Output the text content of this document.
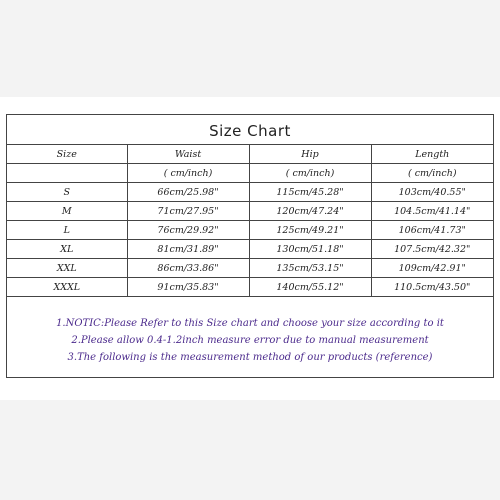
Size Chart
Size	Waist	Hip	Length
	( cm/inch)	( cm/inch)	( cm/inch)
S	66cm/25.98"	115cm/45.28"	103cm/40.55"
M	71cm/27.95"	120cm/47.24"	104.5cm/41.14"
L	76cm/29.92"	125cm/49.21"	106cm/41.73"
XL	81cm/31.89"	130cm/51.18"	107.5cm/42.32"
XXL	86cm/33.86"	135cm/53.15"	109cm/42.91"
XXXL	91cm/35.83"	140cm/55.12"	110.5cm/43.50"
1.NOTIC:Please Refer to this Size chart and choose your size according to it
2.Please allow 0.4-1.2inch measure error due to manual measurement
3.The following is the measurement method of our products (reference)
